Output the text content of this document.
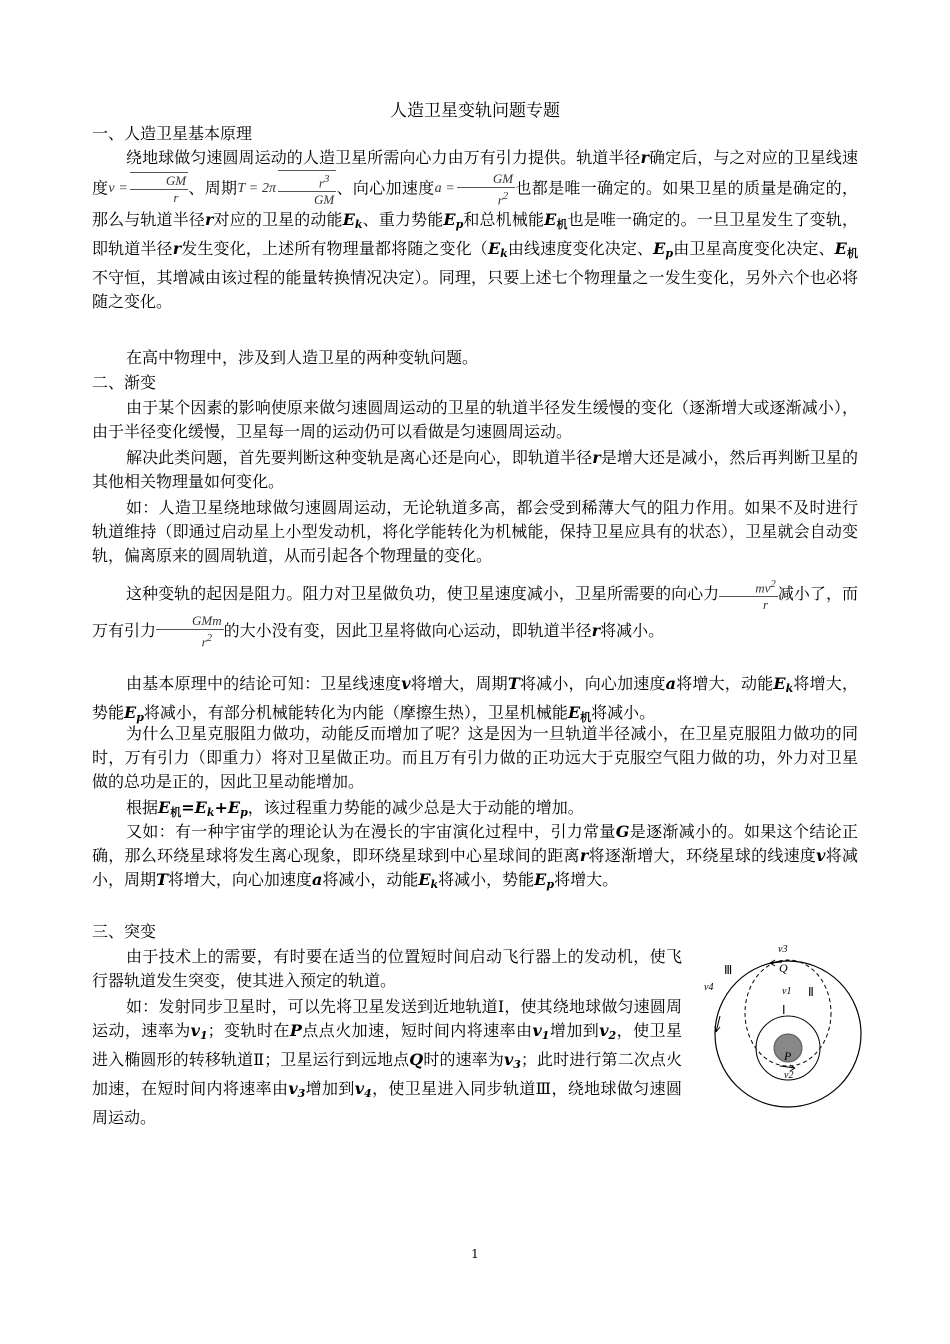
人造卫星变轨问题专题
一、人造卫星基本原理
绕地球做匀速圆周运动的人造卫星所需向心力由万有引力提供。轨道半径r确定后，与之对应的卫星线速度$v = \frac{GM}{r}$ 、周期$T = 2\pi \frac{r^3}{GM}$ 、向心加速度$a = \frac{GM}{r^2}$ 也都是唯一确定的。如果卫星的质量是确定的，那么与轨道半径r对应的卫星的动能$E_k$、重力势能$E_p$和总机械能$E_机$也是唯一确定的。一旦卫星发生了变轨，即轨道半径r发生变化，上述所有物理量都将随之变化（$E_k$由线速度变化决定、$E_p$由卫星高度变化决定、$E_机$不守恒，其增减由该过程的能量转换情况决定）。同理，只要上述七个物理量之一发生变化，另外六个也必将随之变化。
在高中物理中，涉及到人造卫星的两种变轨问题。
二、渐变
由于某个因素的影响使原来做匀速圆周运动的卫星的轨道半径发生缓慢的变化（逐渐增大或逐渐减小），由于半径变化缓慢，卫星每一周的运动仍可以看做是匀速圆周运动。
解决此类问题，首先要判断这种变轨是离心还是向心，即轨道半径r是增大还是减小，然后再判断卫星的其他相关物理量如何变化。
如：人造卫星绕地球做匀速圆周运动，无论轨道多高，都会受到稀薄大气的阻力作用。如果不及时进行轨道维持（即通过启动星上小型发动机，将化学能转化为机械能，保持卫星应具有的状态），卫星就会自动变轨，偏离原来的圆周轨道，从而引起各个物理量的变化。
这种变轨的起因是阻力。阻力对卫星做负功，使卫星速度减小，卫星所需要的向心力 $\frac{mv^2}{r}$ 减小了，而万有引力 $\frac{\text{GMm}}{r^2}$ 的大小没有变，因此卫星将做向心运动，即轨道半径r将减小。
由基本原理中的结论可知：卫星线速度v将增大，周期T将减小，向心加速度a将增大，动能$E_k$将增大，势能$E_p$将减小，有部分机械能转化为内能（摩擦生热），卫星机械能$E_机$将减小。
为什么卫星克服阻力做功，动能反而增加了呢？这是因为一旦轨道半径减小，在卫星克服阻力做功的同时，万有引力（即重力）将对卫星做正功。而且万有引力做的正功远大于克服空气阻力做的功，外力对卫星做的总功是正的，因此卫星动能增加。
根据$E_机=E_k+E_p$，该过程重力势能的减少总是大于动能的增加。
又如：有一种宇宙学的理论认为在漫长的宇宙演化过程中，引力常量G是逐渐减小的。如果这个结论正确，那么环绕星球将发生离心现象，即环绕星球到中心星球间的距离r将逐渐增大，环绕星球的线速度v将减小，周期T将增大，向心加速度a将减小，动能$E_k$将减小，势能$E_p$将增大。
三、突变
由于技术上的需要，有时要在适当的位置短时间启动飞行器上的发动机，使飞行器轨道发生突变，使其进入预定的轨道。
如：发射同步卫星时，可以先将卫星发送到近地轨道Ⅰ，使其绕地球做匀速圆周运动，速率为$v_1$；变轨时在P点点火加速，短时间内将速率由$v_1$增加到$v_2$，使卫星进入椭圆形的转移轨道Ⅱ；卫星运行到远地点Q时的速率为$v_3$；此时进行第二次点火加速，在短时间内将速率由$v_3$增加到$v_4$，使卫星进入同步轨道Ⅲ，绕地球做匀速圆周运动。
v3
Q
Ⅲ
v4	v1 Ⅱ
Ⅰ
P
v2
1
